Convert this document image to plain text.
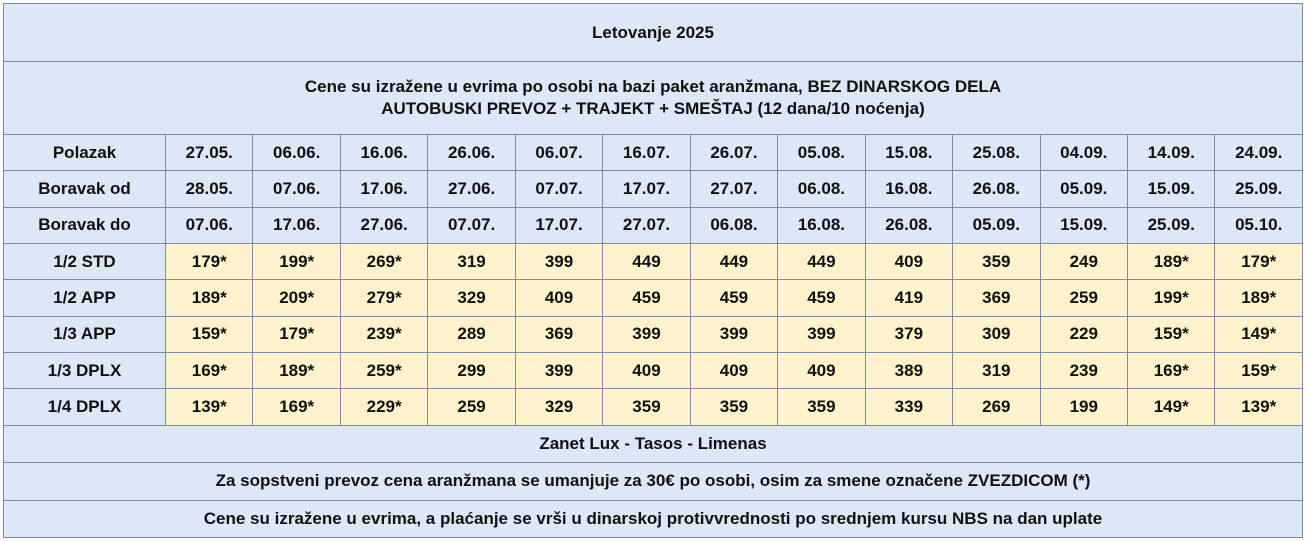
Letovanje 2025													

Cene su izražene u evrima po osobi na bazi paket aranžmana, BEZ DINARSKOG DELA
AUTOBUSKI PREVOZ + TRAJEKT + SMEŠTAJ (12 dana/10 noćenja)													

Polazak	27.05.	06.06.	16.06.	26.06.	06.07.	16.07.	26.07.	05.08.	15.08.	25.08.	04.09.	14.09.	24.09.
Boravak od	28.05.	07.06.	17.06.	27.06.	07.07.	17.07.	27.07.	06.08.	16.08.	26.08.	05.09.	15.09.	25.09.
Boravak do	07.06.	17.06.	27.06.	07.07.	17.07.	27.07.	06.08.	16.08.	26.08.	05.09.	15.09.	25.09.	05.10.
1/2 STD	179*	199*	269*	319	399	449	449	449	409	359	249	189*	179*
1/2 APP	189*	209*	279*	329	409	459	459	459	419	369	259	199*	189*
1/3 APP	159*	179*	239*	289	369	399	399	399	379	309	229	159*	149*
1/3 DPLX	169*	189*	259*	299	399	409	409	409	389	319	239	169*	159*
1/4 DPLX	139*	169*	229*	259	329	359	359	359	339	269	199	149*	139*
Zanet Lux - Tasos - Limenas													
Za sopstveni prevoz cena aranžmana se umanjuje za 30€ po osobi, osim za smene označene ZVEZDICOM (*)													
Cene su izražene u evrima, a plaćanje se vrši u dinarskoj protivvrednosti po srednjem kursu NBS na dan uplate													
